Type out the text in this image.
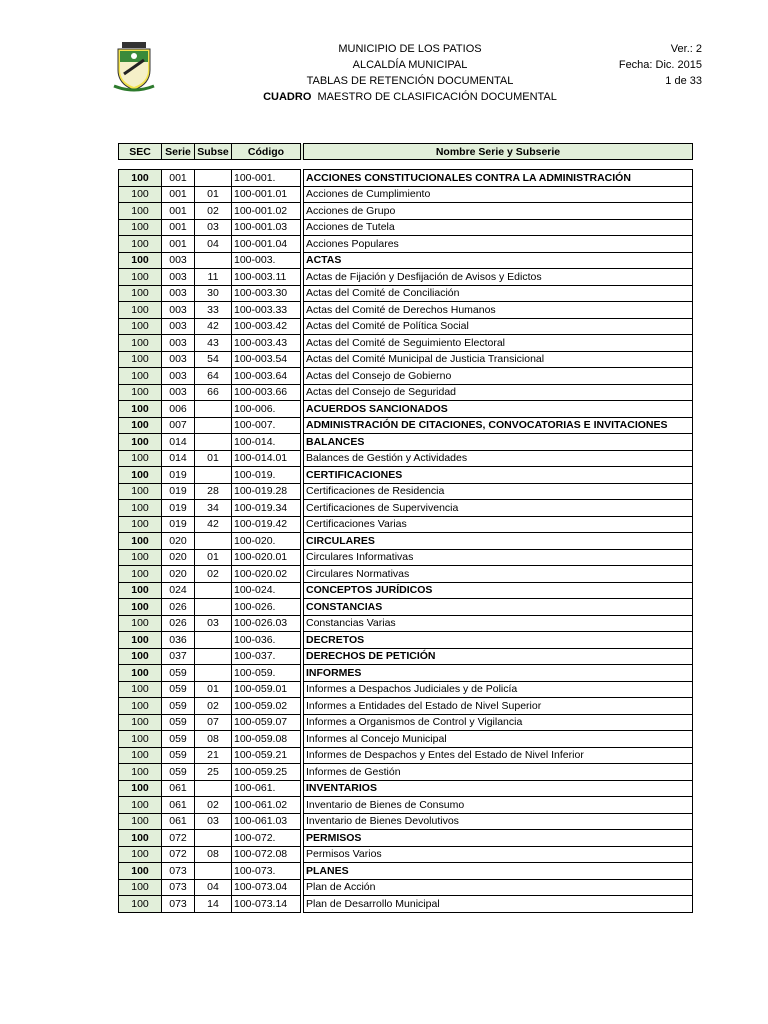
MUNICIPIO DE LOS PATIOS
ALCALDÍA MUNICIPAL
TABLAS DE RETENCIÓN DOCUMENTAL
CUADRO MAESTRO DE CLASIFICACIÓN DOCUMENTAL
Ver.: 2
Fecha: Dic. 2015
1 de 33
SEC	Serie	Subse	Código		Nombre Serie y Subserie
100	001		100-001.		ACCIONES CONSTITUCIONALES CONTRA LA ADMINISTRACIÓN
100	001	01	100-001.01		Acciones de Cumplimiento
100	001	02	100-001.02		Acciones de Grupo
100	001	03	100-001.03		Acciones de Tutela
100	001	04	100-001.04		Acciones Populares
100	003		100-003.		ACTAS
100	003	11	100-003.11		Actas de Fijación y Desfijación de Avisos y Edictos
100	003	30	100-003.30		Actas del Comité de Conciliación
100	003	33	100-003.33		Actas del Comité de Derechos Humanos
100	003	42	100-003.42		Actas del Comité de Política Social
100	003	43	100-003.43		Actas del Comité de Seguimiento Electoral
100	003	54	100-003.54		Actas del Comité Municipal de Justicia Transicional
100	003	64	100-003.64		Actas del Consejo de Gobierno
100	003	66	100-003.66		Actas del Consejo de Seguridad
100	006		100-006.		ACUERDOS SANCIONADOS
100	007		100-007.		ADMINISTRACIÓN DE CITACIONES, CONVOCATORIAS E INVITACIONES
100	014		100-014.		BALANCES
100	014	01	100-014.01		Balances de Gestión y Actividades
100	019		100-019.		CERTIFICACIONES
100	019	28	100-019.28		Certificaciones de Residencia
100	019	34	100-019.34		Certificaciones de Supervivencia
100	019	42	100-019.42		Certificaciones Varias
100	020		100-020.		CIRCULARES
100	020	01	100-020.01		Circulares Informativas
100	020	02	100-020.02		Circulares Normativas
100	024		100-024.		CONCEPTOS JURÍDICOS
100	026		100-026.		CONSTANCIAS
100	026	03	100-026.03		Constancias Varias
100	036		100-036.		DECRETOS
100	037		100-037.		DERECHOS DE PETICIÓN
100	059		100-059.		INFORMES
100	059	01	100-059.01		Informes a Despachos Judiciales y de Policía
100	059	02	100-059.02		Informes a Entidades del Estado de Nivel Superior
100	059	07	100-059.07		Informes a Organismos de Control y Vigilancia
100	059	08	100-059.08		Informes al Concejo Municipal
100	059	21	100-059.21		Informes de Despachos y Entes del Estado de Nivel Inferior
100	059	25	100-059.25		Informes de Gestión
100	061		100-061.		INVENTARIOS
100	061	02	100-061.02		Inventario de Bienes de Consumo
100	061	03	100-061.03		Inventario de Bienes Devolutivos
100	072		100-072.		PERMISOS
100	072	08	100-072.08		Permisos Varios
100	073		100-073.		PLANES
100	073	04	100-073.04		Plan de Acción
100	073	14	100-073.14		Plan de Desarrollo Municipal
